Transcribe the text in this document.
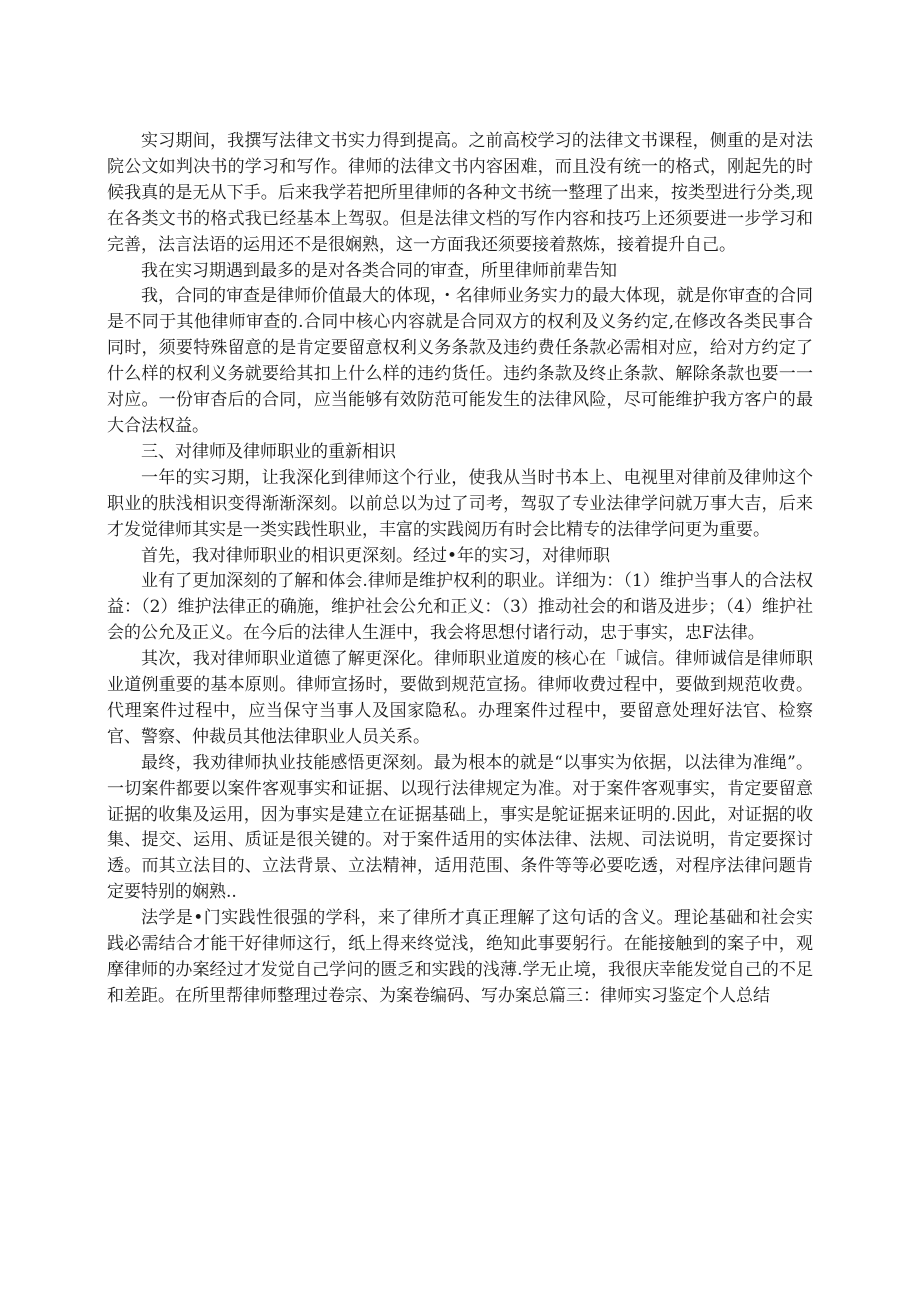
实习期间，我撰写法律文书实力得到提高。之前高校学习的法律文书课程，侧重的是对法院公文如判决书的学习和写作。律师的法律文书内容困难，而且没有统一的格式，刚起先的时候我真的是无从下手。后来我学若把所里律师的各种文书统一整理了出来，按类型进行分类,现在各类文书的格式我已经基本上驾驭。但是法律文档的写作内容和技巧上还须要进一步学习和完善，法言法语的运用还不是很娴熟，这一方面我还须要接着熬炼，接着提升自己。

我在实习期遇到最多的是对各类合同的审查，所里律师前辈告知

我，合同的审查是律师价值最大的体现，・名律师业务实力的最大体现，就是你审查的合同是不同于其他律师审查的.合同中核心内容就是合同双方的权利及义务约定,在修改各类民事合同时，须要特殊留意的是肯定要留意权利义务条款及违约费任条款必需相对应，给对方约定了什么样的权利义务就要给其扣上什么样的违约货任。违约条款及终止条款、解除条款也要一一对应。一份审杳后的合同，应当能够有效防范可能发生的法律风险，尽可能维护我方客户的最大合法权益。

三、对律师及律师职业的重新相识

一年的实习期，让我深化到律师这个行业，使我从当时书本上、电视里对律前及律帅这个职业的肤浅相识变得渐渐深刻。以前总以为过了司考，驾驭了专业法律学问就万事大吉，后来才发觉律师其实是一类实践性职业，丰富的实践阅历有时会比精专的法律学问更为重要。

首先，我对律师职业的相识更深刻。经过•年的实习，对律师职

业有了更加深刻的了解和体会.律师是维护权利的职业。详细为：（1）维护当事人的合法权益：（2）维护法律正的确施，维护社会公允和正义：（3）推动社会的和谐及进步；（4）维护社会的公允及正义。在今后的法律人生涯中，我会将思想付诸行动，忠于事实，忠F法律。

其次，我对律师职业道德了解更深化。律师职业道废的核心在「诚信。律师诚信是律师职业道例重要的基本原则。律师宣扬时，要做到规范宣扬。律师收费过程中，要做到规范收费。代理案件过程中，应当保守当事人及国家隐私。办理案件过程中，要留意处理好法官、检察官、警察、仲裁员其他法律职业人员关系。

最终，我劝律师执业技能感悟更深刻。最为根本的就是“以事实为依据，以法律为准绳”。一切案件都要以案件客观事实和证据、以现行法律规定为准。对于案件客观事实，肯定要留意证据的收集及运用，因为事实是建立在证据基础上，事实是鸵证据来证明的.因此，对证据的收集、提交、运用、质证是很关键的。对于案件适用的实体法律、法规、司法说明，肯定要探讨透。而其立法目的、立法背景、立法精神，适用范围、条件等等必要吃透，对程序法律问题肯定要特别的娴熟..

法学是•门实践性很强的学科，来了律所才真正理解了这句话的含义。理论基础和社会实践必需结合才能干好律师这行，纸上得来终觉浅，绝知此事要躬行。在能接触到的案子中，观摩律师的办案经过才发觉自己学问的匮乏和实践的浅薄.学无止境，我很庆幸能发觉自己的不足和差距。在所里帮律师整理过卷宗、为案卷编码、写办案总篇三：律师实习鉴定个人总结
